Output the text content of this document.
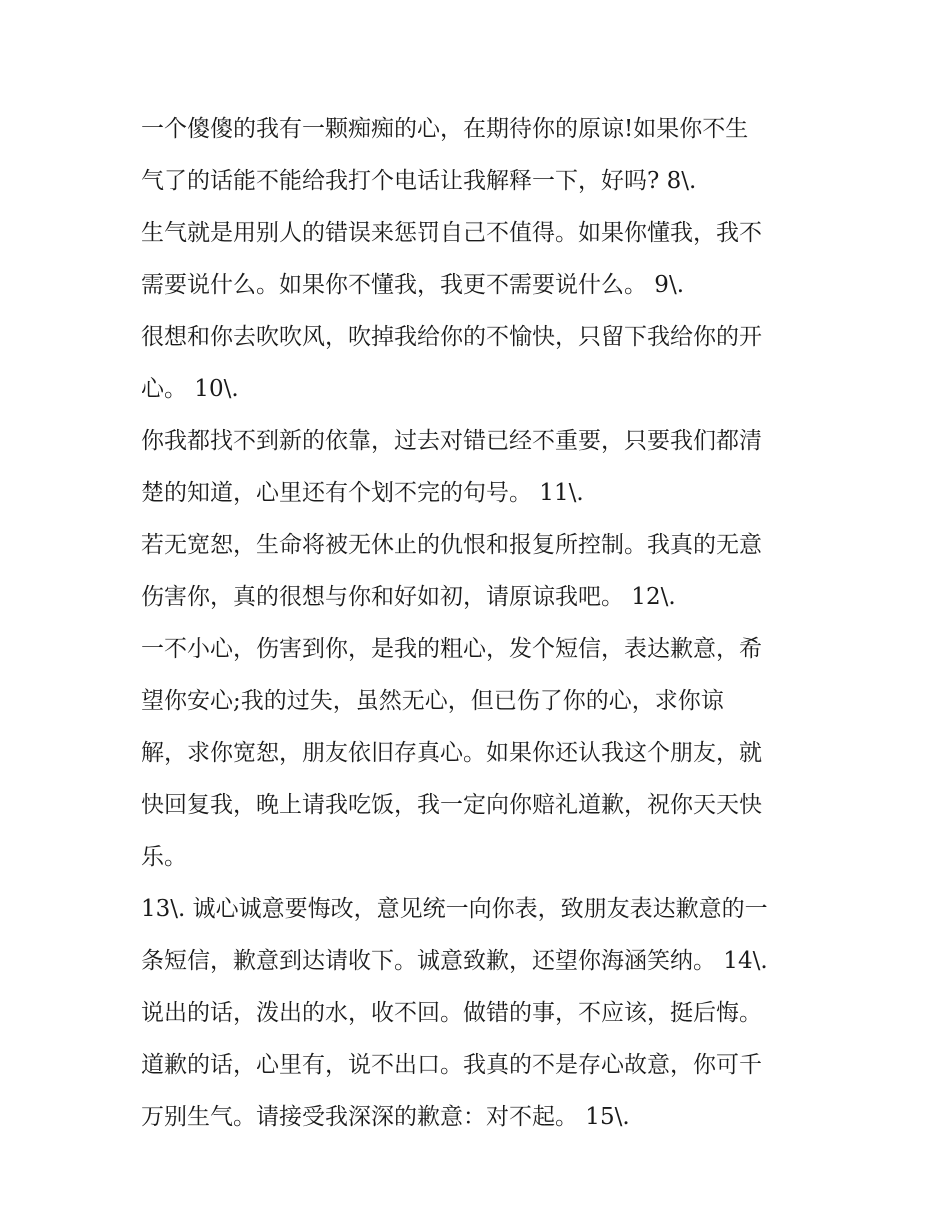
一个傻傻的我有一颗痴痴的心，在期待你的原谅!如果你不生
气了的话能不能给我打个电话让我解释一下，好吗? 8\.
生气就是用别人的错误来惩罚自己不值得。如果你懂我，我不
需要说什么。如果你不懂我，我更不需要说什么。 9\.
很想和你去吹吹风，吹掉我给你的不愉快，只留下我给你的开
心。 10\.
你我都找不到新的依靠，过去对错已经不重要，只要我们都清
楚的知道，心里还有个划不完的句号。 11\.
若无宽恕，生命将被无休止的仇恨和报复所控制。我真的无意
伤害你，真的很想与你和好如初，请原谅我吧。 12\.
一不小心，伤害到你，是我的粗心，发个短信，表达歉意，希
望你安心;我的过失，虽然无心，但已伤了你的心，求你谅
解，求你宽恕，朋友依旧存真心。如果你还认我这个朋友，就
快回复我，晚上请我吃饭，我一定向你赔礼道歉，祝你天天快
乐。
13\. 诚心诚意要悔改，意见统一向你表，致朋友表达歉意的一
条短信，歉意到达请收下。诚意致歉，还望你海涵笑纳。 14\.
说出的话，泼出的水，收不回。做错的事，不应该，挺后悔。
道歉的话，心里有，说不出口。我真的不是存心故意，你可千
万别生气。请接受我深深的歉意：对不起。 15\.
